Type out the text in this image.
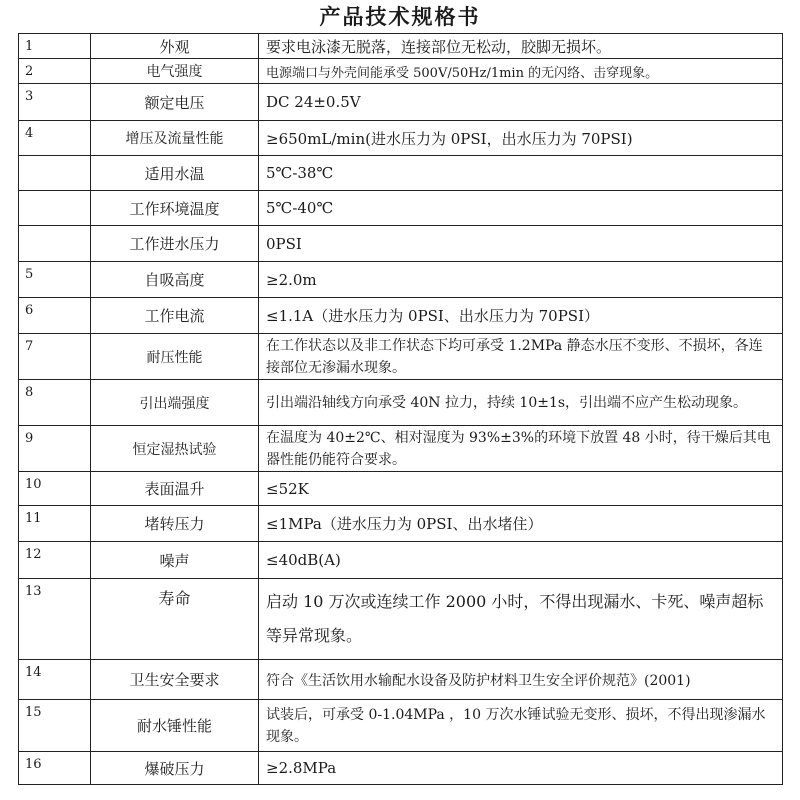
产品技术规格书
1	外观	要求电泳漆无脱落，连接部位无松动，胶脚无损坏。
2	电气强度	电源端口与外壳间能承受 500V/50Hz/1min 的无闪络、击穿现象。
3	额定电压	DC 24±0.5V
4	增压及流量性能	≥650mL/min(进水压力为 0PSI，出水压力为 70PSI)
	适用水温	5℃-38℃
	工作环境温度	5℃-40℃
	工作进水压力	0PSI
5	自吸高度	≥2.0m
6	工作电流	≤1.1A（进水压力为 0PSI、出水压力为 70PSI）
7	耐压性能	在工作状态以及非工作状态下均可承受 1.2MPa 静态水压不变形、不损坏，各连接部位无渗漏水现象。
8	引出端强度	引出端沿轴线方向承受 40N 拉力，持续 10±1s，引出端不应产生松动现象。
9	恒定湿热试验	在温度为 40±2℃、相对湿度为 93%±3%的环境下放置 48 小时，待干燥后其电器性能仍能符合要求。
10	表面温升	≤52K
11	堵转压力	≤1MPa（进水压力为 0PSI、出水堵住）
12	噪声	≤40dB(A)
13	寿命	启动 10 万次或连续工作 2000 小时，不得出现漏水、卡死、噪声超标等异常现象。
14	卫生安全要求	符合《生活饮用水输配水设备及防护材料卫生安全评价规范》(2001)
15	耐水锤性能	试装后，可承受 0-1.04MPa ，10 万次水锤试验无变形、损坏，不得出现渗漏水现象。
16	爆破压力	≥2.8MPa
